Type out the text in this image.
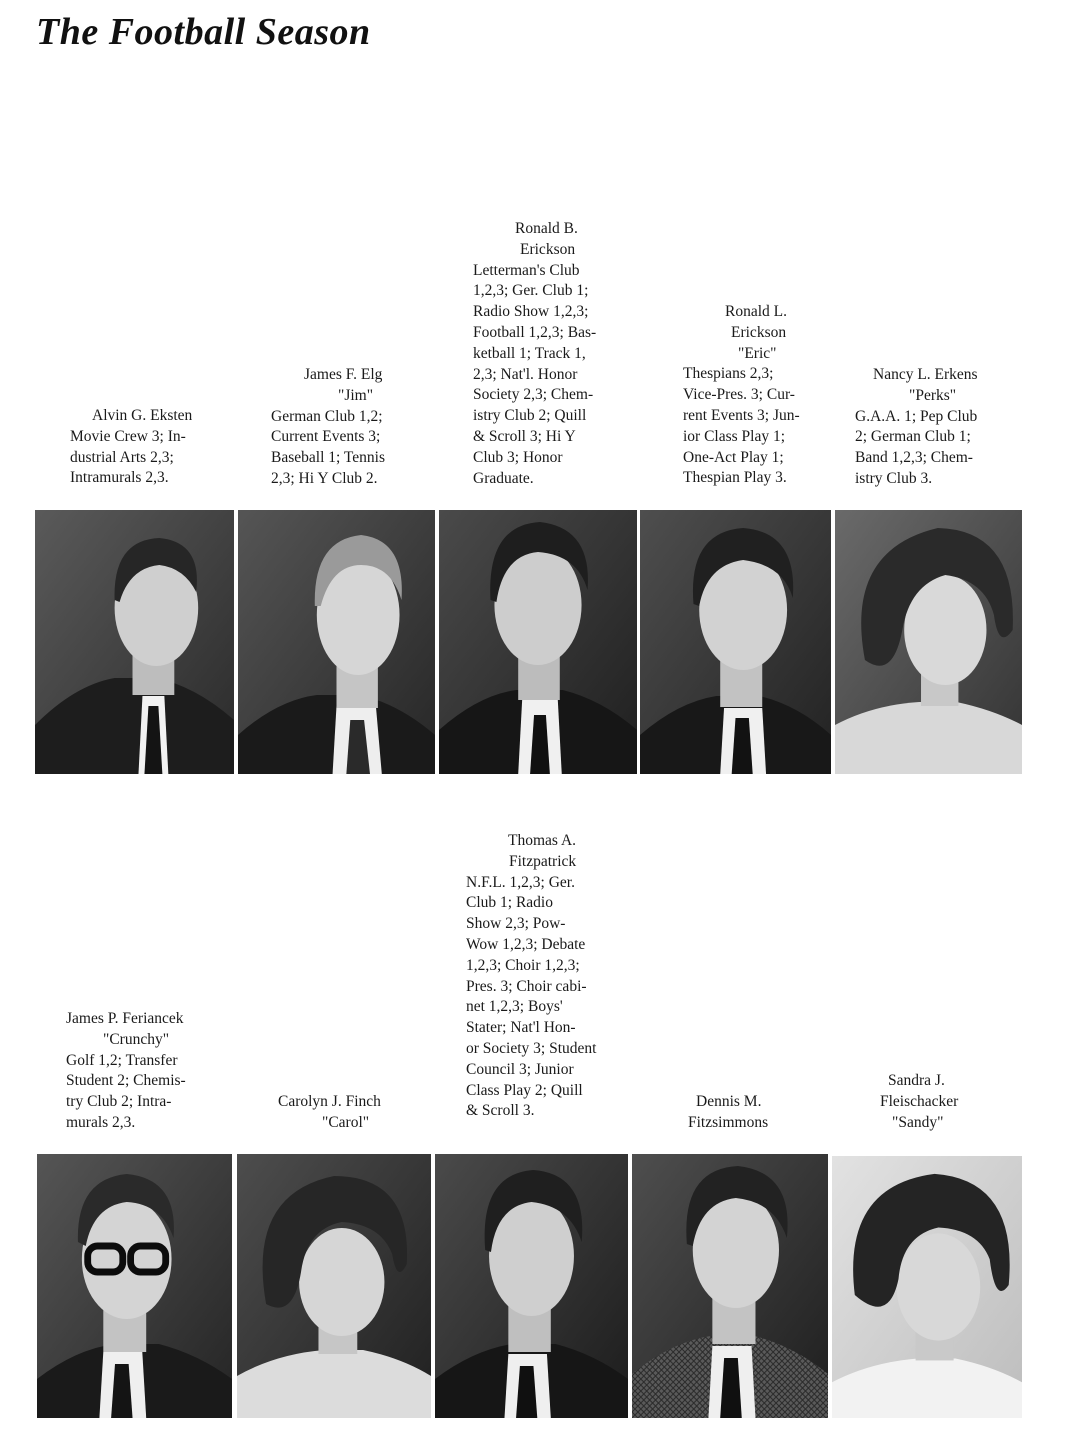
The Football Season
Alvin G. Eksten
Movie Crew 3; In-
dustrial Arts 2,3;
Intramurals 2,3.
James F. Elg
"Jim"
German Club 1,2;
Current Events 3;
Baseball 1; Tennis
2,3; Hi Y Club 2.
Ronald B.
Erickson
Letterman's Club
1,2,3; Ger. Club 1;
Radio Show 1,2,3;
Football 1,2,3; Bas-
ketball 1; Track 1,
2,3; Nat'l. Honor
Society 2,3; Chem-
istry Club 2; Quill
& Scroll 3; Hi Y
Club 3; Honor
Graduate.
Ronald L.
Erickson
"Eric"
Thespians 2,3;
Vice-Pres. 3; Cur-
rent Events 3; Jun-
ior Class Play 1;
One-Act Play 1;
Thespian Play 3.
Nancy L. Erkens
"Perks"
G.A.A. 1; Pep Club
2; German Club 1;
Band 1,2,3; Chem-
istry Club 3.
James P. Feriancek
"Crunchy"
Golf 1,2; Transfer
Student 2; Chemis-
try Club 2; Intra-
murals 2,3.
Carolyn J. Finch
"Carol"
Thomas A.
Fitzpatrick
N.F.L. 1,2,3; Ger.
Club 1; Radio
Show 2,3; Pow-
Wow 1,2,3; Debate
1,2,3; Choir 1,2,3;
Pres. 3; Choir cabi-
net 1,2,3; Boys'
Stater; Nat'l Hon-
or Society 3; Student
Council 3; Junior
Class Play 2; Quill
& Scroll 3.
Dennis M.
Fitzsimmons
Sandra J.
Fleischacker
"Sandy"
